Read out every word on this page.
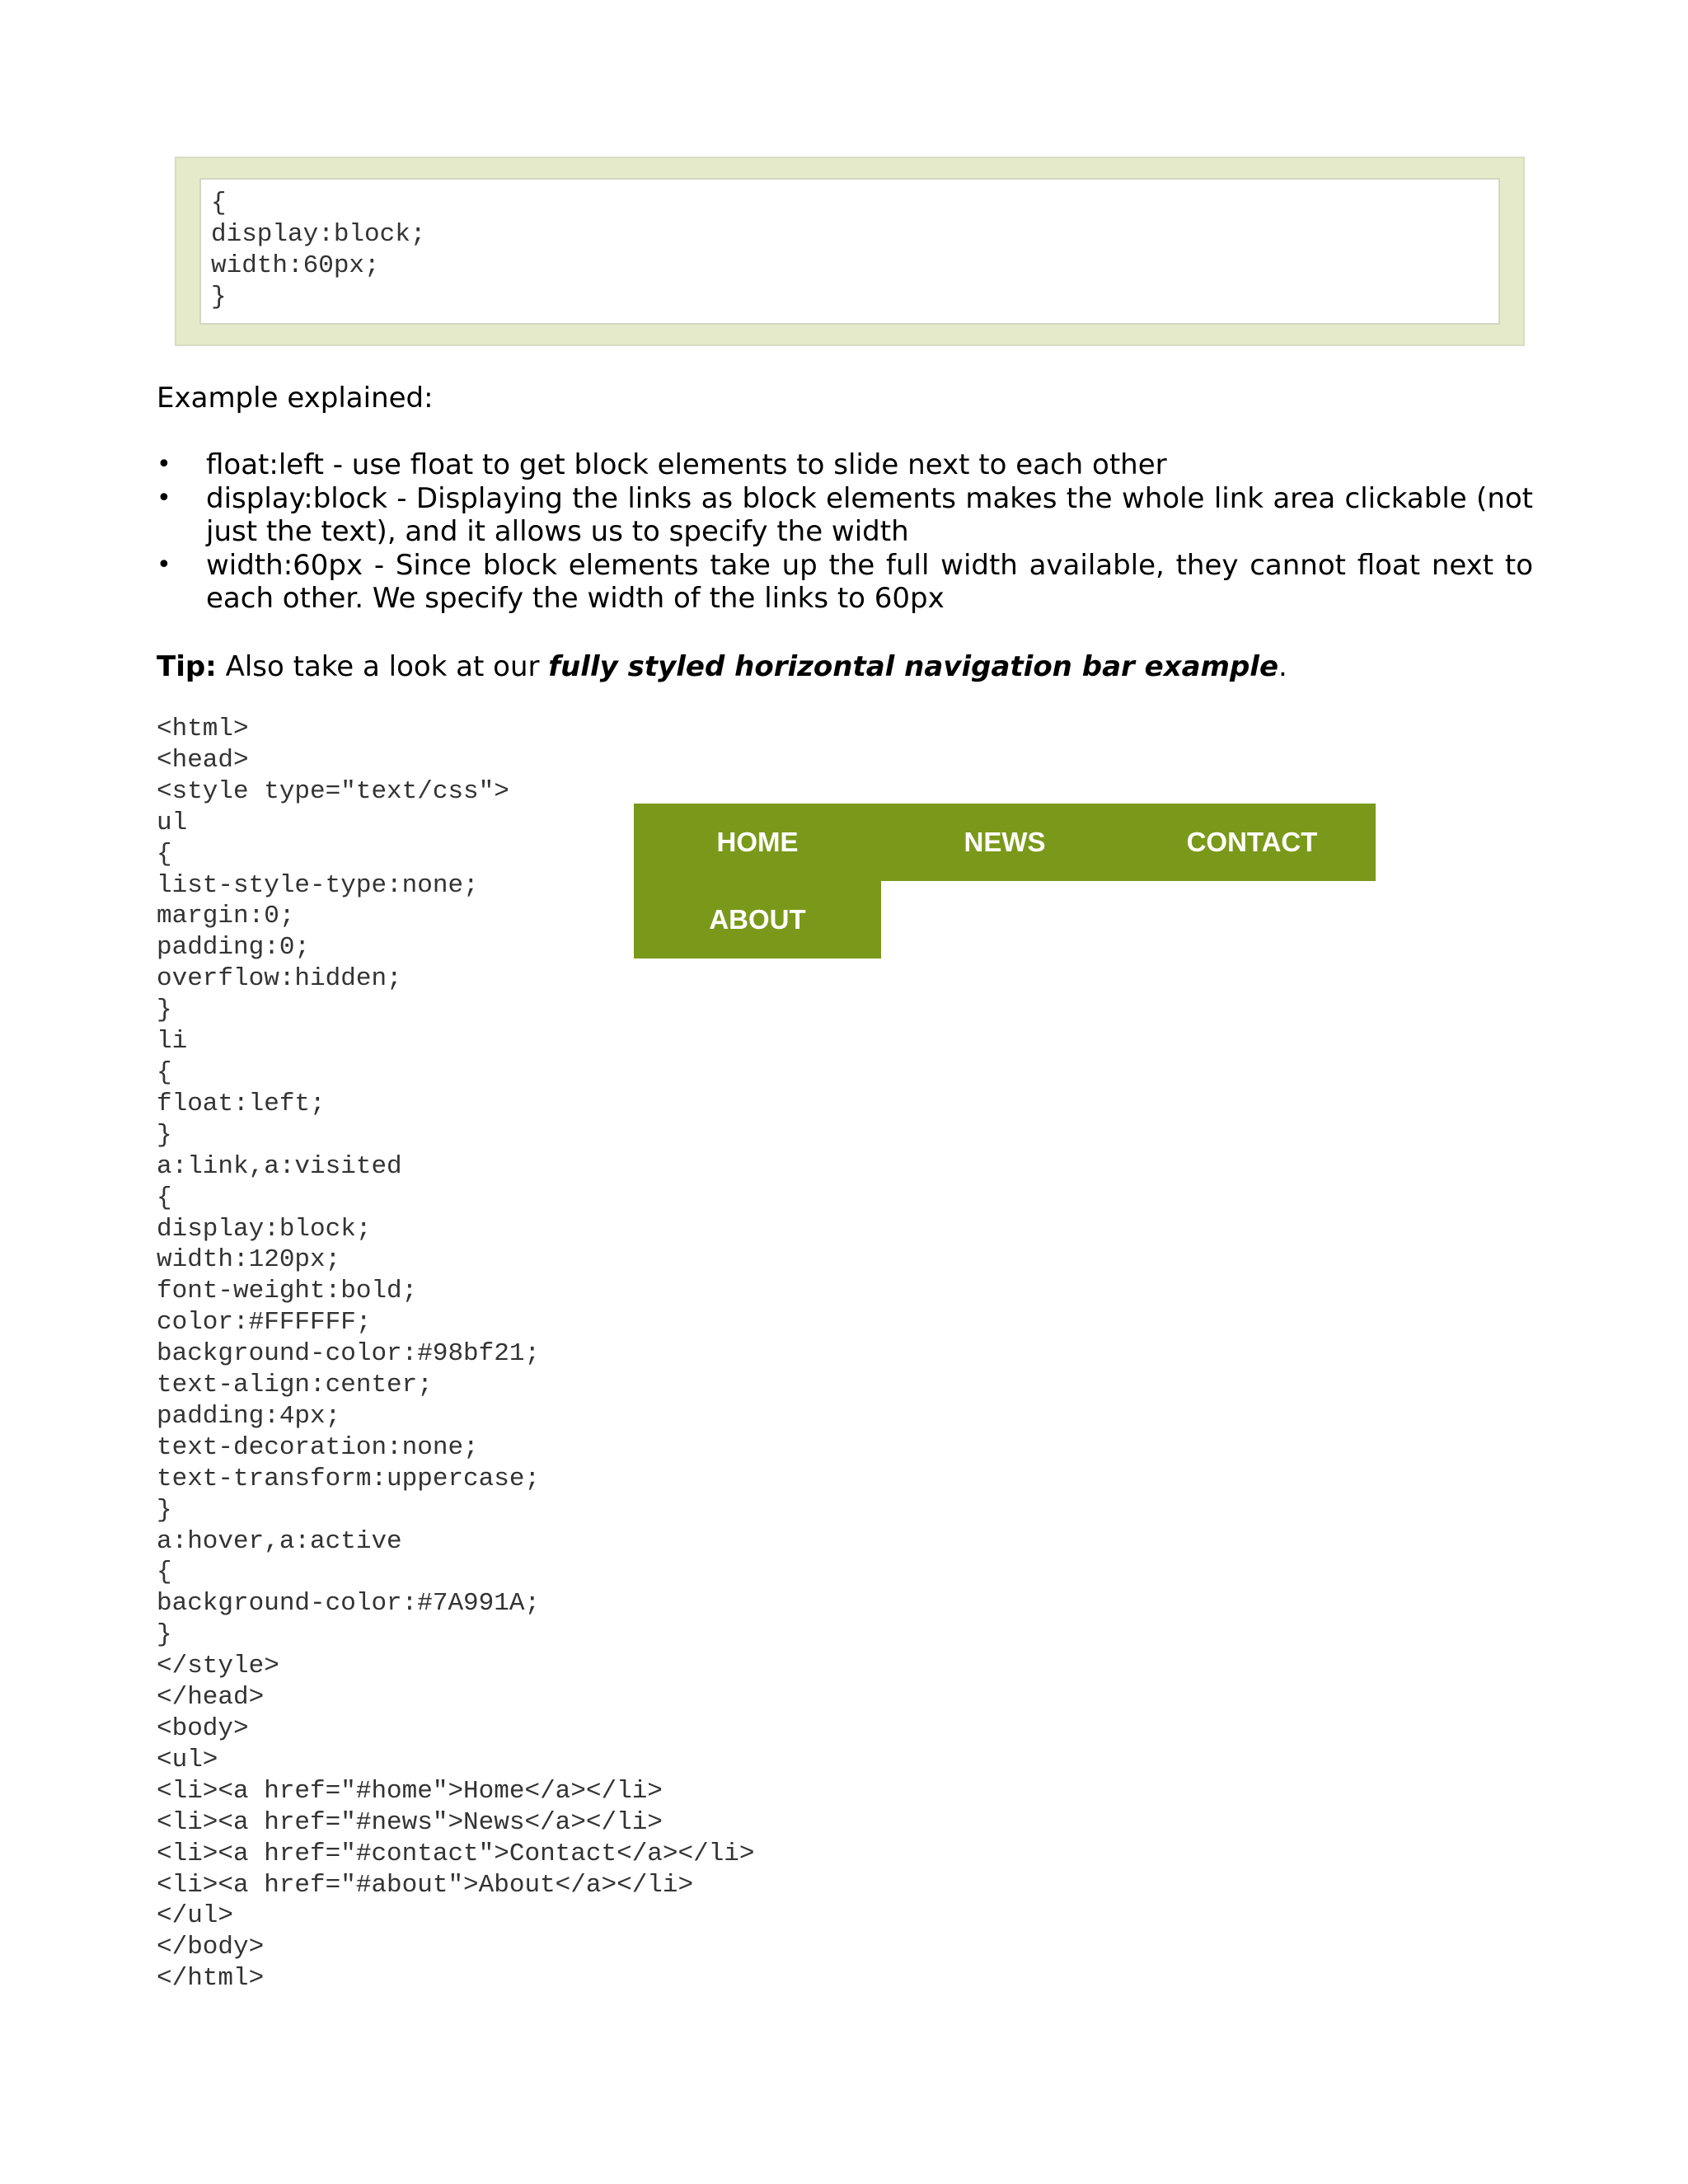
{
display:block;
width:60px;
}

Example explained:

• float:left - use float to get block elements to slide next to each other
• display:block - Displaying the links as block elements makes the whole link area clickable (not just the text), and it allows us to specify the width
• width:60px - Since block elements take up the full width available, they cannot float next to each other. We specify the width of the links to 60px

Tip: Also take a look at our fully styled horizontal navigation bar example.

<html>
<head>
<style type="text/css">
ul
{
list-style-type:none;
margin:0;
padding:0;
overflow:hidden;
}
li
{
float:left;
}
a:link,a:visited
{
display:block;
width:120px;
font-weight:bold;
color:#FFFFFF;
background-color:#98bf21;
text-align:center;
padding:4px;
text-decoration:none;
text-transform:uppercase;
}
a:hover,a:active
{
background-color:#7A991A;
}
</style>
</head>
<body>
<ul>
<li><a href="#home">Home</a></li>
<li><a href="#news">News</a></li>
<li><a href="#contact">Contact</a></li>
<li><a href="#about">About</a></li>
</ul>
</body>
</html>
HOME	NEWS	CONTACT
ABOUT
